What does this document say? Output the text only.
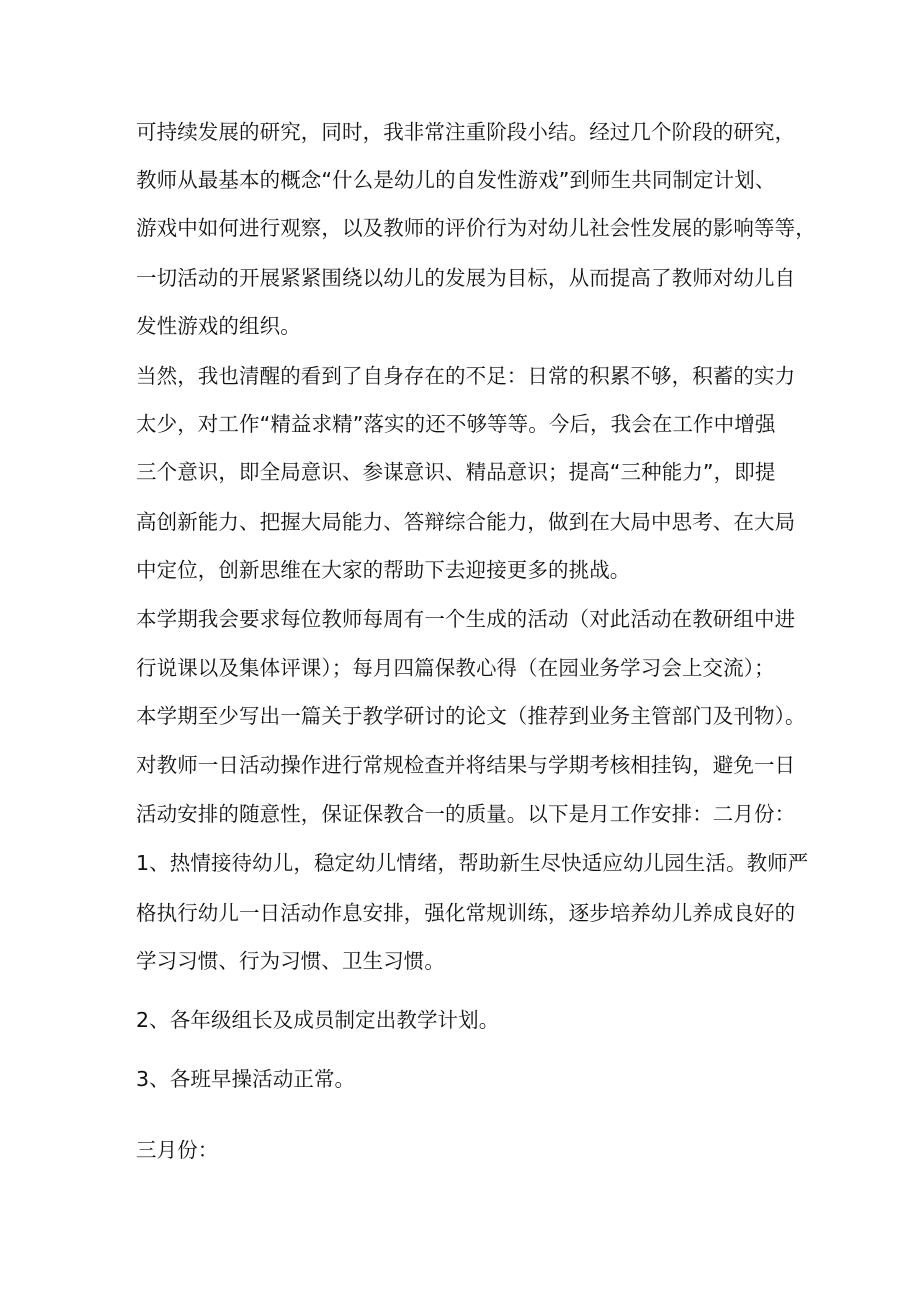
可持续发展的研究，同时，我非常注重阶段小结。经过几个阶段的研究，
教师从最基本的概念“什么是幼儿的自发性游戏”到师生共同制定计划、
游戏中如何进行观察，以及教师的评价行为对幼儿社会性发展的影响等等，
一切活动的开展紧紧围绕以幼儿的发展为目标，从而提高了教师对幼儿自
发性游戏的组织。
当然，我也清醒的看到了自身存在的不足：日常的积累不够，积蓄的实力
太少，对工作“精益求精”落实的还不够等等。今后，我会在工作中增强
三个意识，即全局意识、参谋意识、精品意识；提高“三种能力”，即提
高创新能力、把握大局能力、答辩综合能力，做到在大局中思考、在大局
中定位，创新思维在大家的帮助下去迎接更多的挑战。
本学期我会要求每位教师每周有一个生成的活动（对此活动在教研组中进
行说课以及集体评课）；每月四篇保教心得（在园业务学习会上交流）；
本学期至少写出一篇关于教学研讨的论文（推荐到业务主管部门及刊物）。
对教师一日活动操作进行常规检查并将结果与学期考核相挂钩，避免一日
活动安排的随意性，保证保教合一的质量。以下是月工作安排：二月份：
1、热情接待幼儿，稳定幼儿情绪，帮助新生尽快适应幼儿园生活。教师严
格执行幼儿一日活动作息安排，强化常规训练，逐步培养幼儿养成良好的
学习习惯、行为习惯、卫生习惯。
2、各年级组长及成员制定出教学计划。
3、各班早操活动正常。
三月份：
